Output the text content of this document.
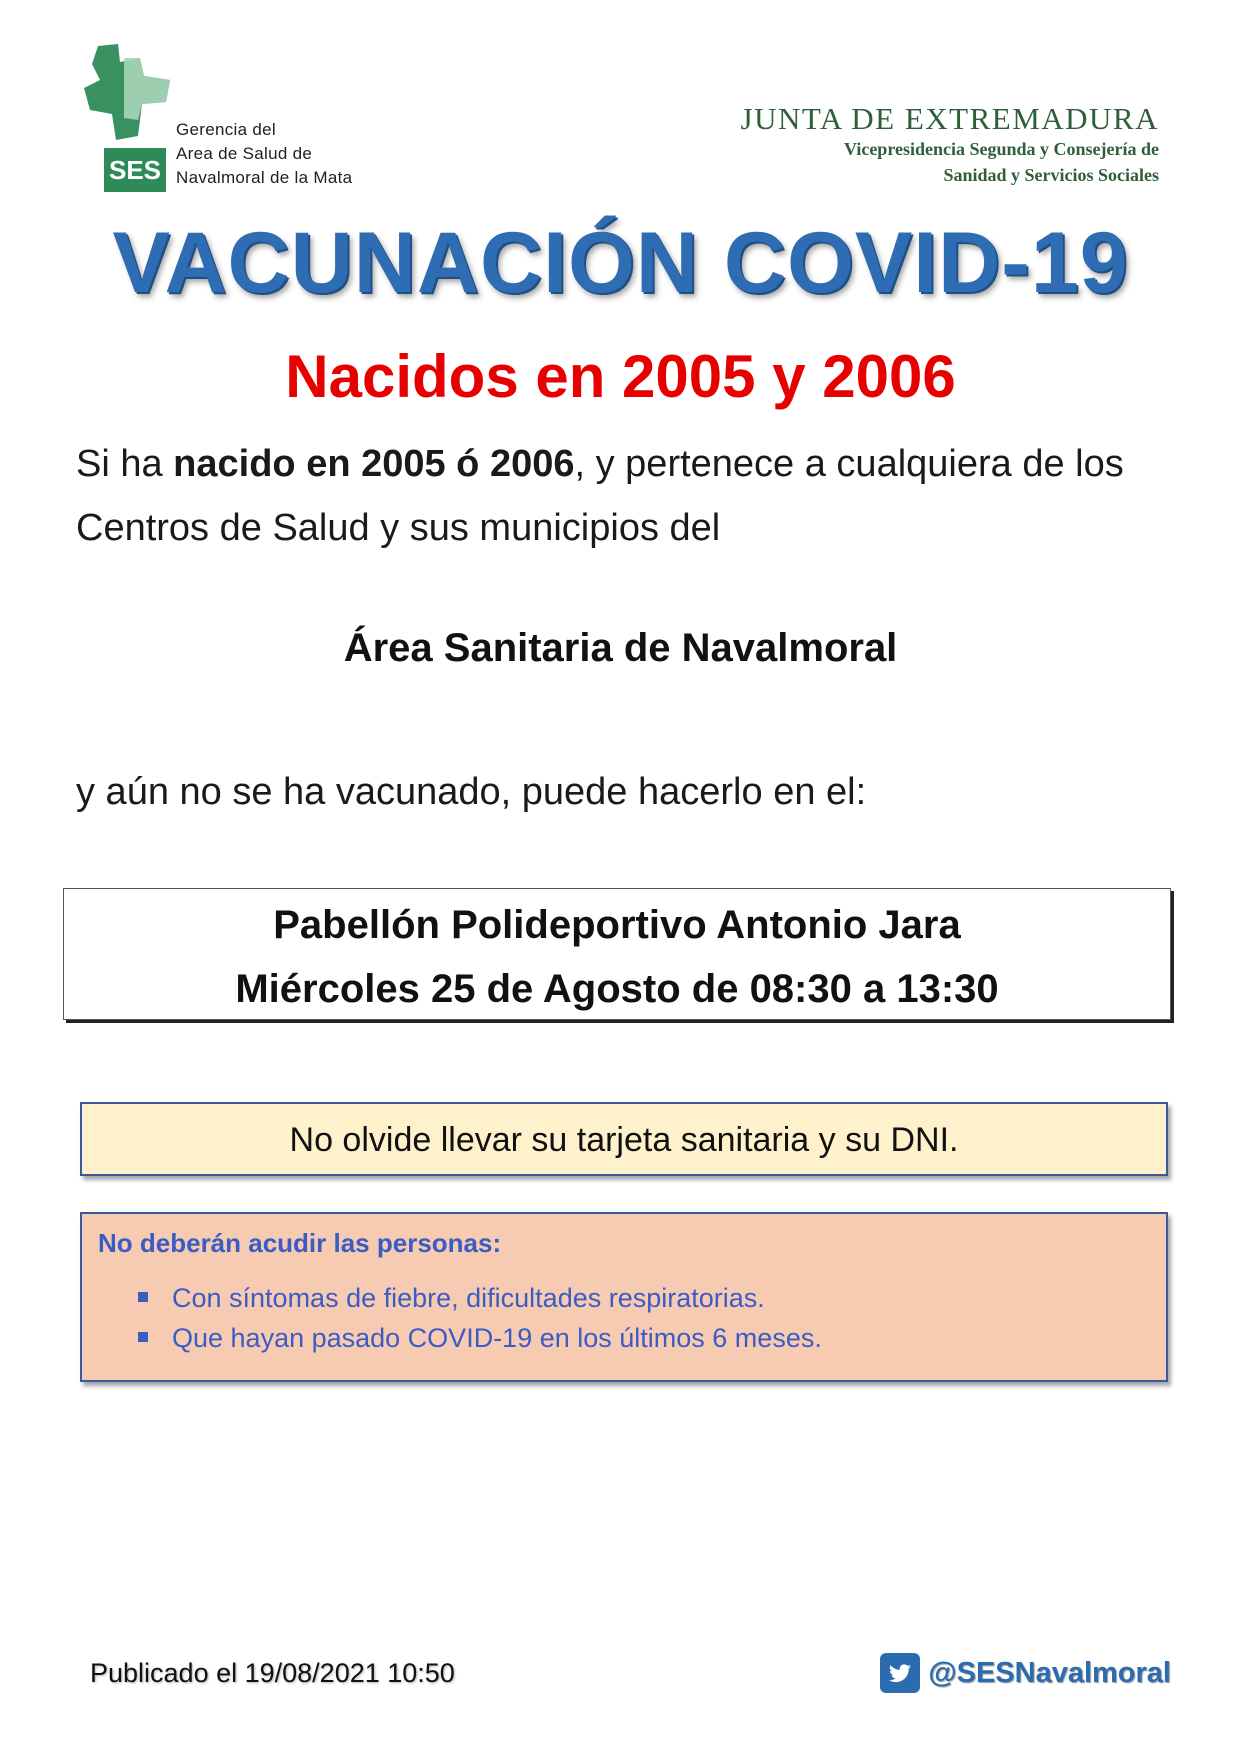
SES
Gerencia del
Area de Salud de
Navalmoral de la Mata
JUNTA DE EXTREMADURA
Vicepresidencia Segunda y Consejería de
Sanidad y Servicios Sociales
VACUNACIÓN COVID-19
Nacidos en 2005 y 2006
Si ha nacido en 2005 ó 2006, y pertenece a cualquiera de los Centros de Salud y sus municipios del
Área Sanitaria de Navalmoral
y aún no se ha vacunado, puede hacerlo en el:
Pabellón Polideportivo Antonio Jara
Miércoles 25 de Agosto de 08:30 a 13:30
No olvide llevar su tarjeta sanitaria y su DNI.
No deberán acudir las personas:
Con síntomas de fiebre, dificultades respiratorias.
Que hayan pasado COVID-19 en los últimos 6 meses.
Publicado el 19/08/2021 10:50	@SESNavalmoral
